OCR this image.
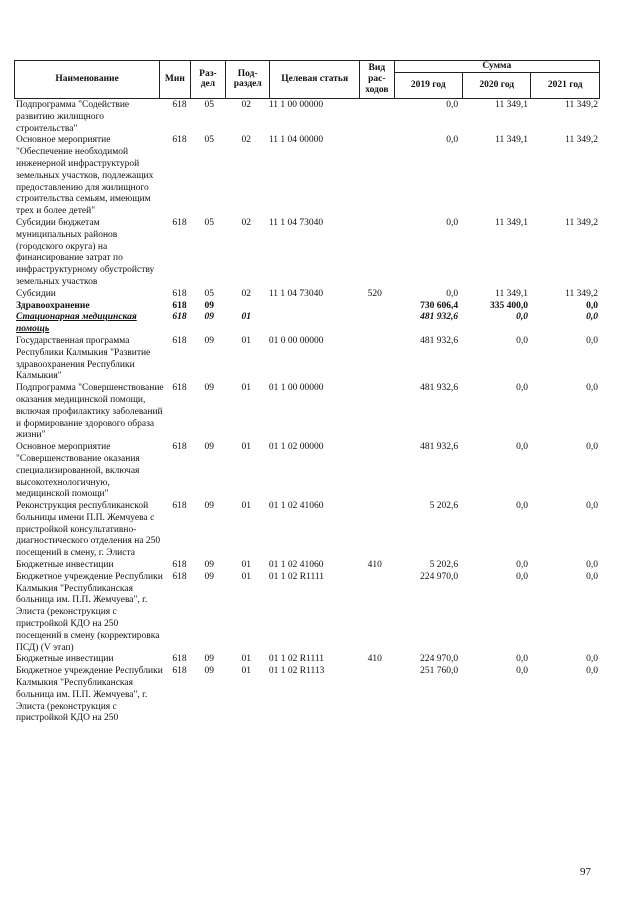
Наименование	Мин	Раз-дел	Под-раздел	Целевая статья	Вид рас-ходов	Сумма		
						2019 год	2020 год	2021 год
Подпрограмма "Содействие развитию жилищного строительства"	618	05	02	11 1 00 00000		0,0	11 349,1	11 349,2
Основное мероприятие "Обеспечение необходимой инженерной инфраструктурой земельных участков, подлежащих предоставлению для жилищного строительства семьям, имеющим трех и более детей"	618	05	02	11 1 04 00000		0,0	11 349,1	11 349,2
Субсидии бюджетам муниципальных районов (городского округа) на финансирование затрат по инфраструктурному обустройству земельных участков	618	05	02	11 1 04 73040		0,0	11 349,1	11 349,2
Субсидии	618	05	02	11 1 04 73040	520	0,0	11 349,1	11 349,2
Здравоохранение	618	09				730 606,4	335 400,0	0,0
Стационарная медицинская помощь	618	09	01			481 932,6	0,0	0,0
Государственная программа Республики Калмыкия "Развитие здравоохранения Республики Калмыкия"	618	09	01	01 0 00 00000		481 932,6	0,0	0,0
Подпрограмма "Совершенствование оказания медицинской помощи, включая профилактику заболеваний и формирование здорового образа жизни"	618	09	01	01 1 00 00000		481 932,6	0,0	0,0
Основное мероприятие "Совершенствование оказания специализированной, включая высокотехнологичную, медицинской помощи"	618	09	01	01 1 02 00000		481 932,6	0,0	0,0
Реконструкция республиканской больницы имени П.П. Жемчуева с пристройкой консультативно-диагностического отделения на 250 посещений в смену, г. Элиста	618	09	01	01 1 02 41060		5 202,6	0,0	0,0
Бюджетные инвестиции	618	09	01	01 1 02 41060	410	5 202,6	0,0	0,0
Бюджетное учреждение Республики Калмыкия "Республиканская больница им. П.П. Жемчуева", г. Элиста (реконструкция с пристройкой КДО на 250 посещений в смену (корректировка ПСД) (V этап)	618	09	01	01 1 02 R1111		224 970,0	0,0	0,0
Бюджетные инвестиции	618	09	01	01 1 02 R1111	410	224 970,0	0,0	0,0
Бюджетное учреждение Республики Калмыкия "Республиканская больница им. П.П. Жемчуева", г. Элиста (реконструкция с пристройкой КДО на 250	618	09	01	01 1 02 R1113		251 760,0	0,0	0,0
97
